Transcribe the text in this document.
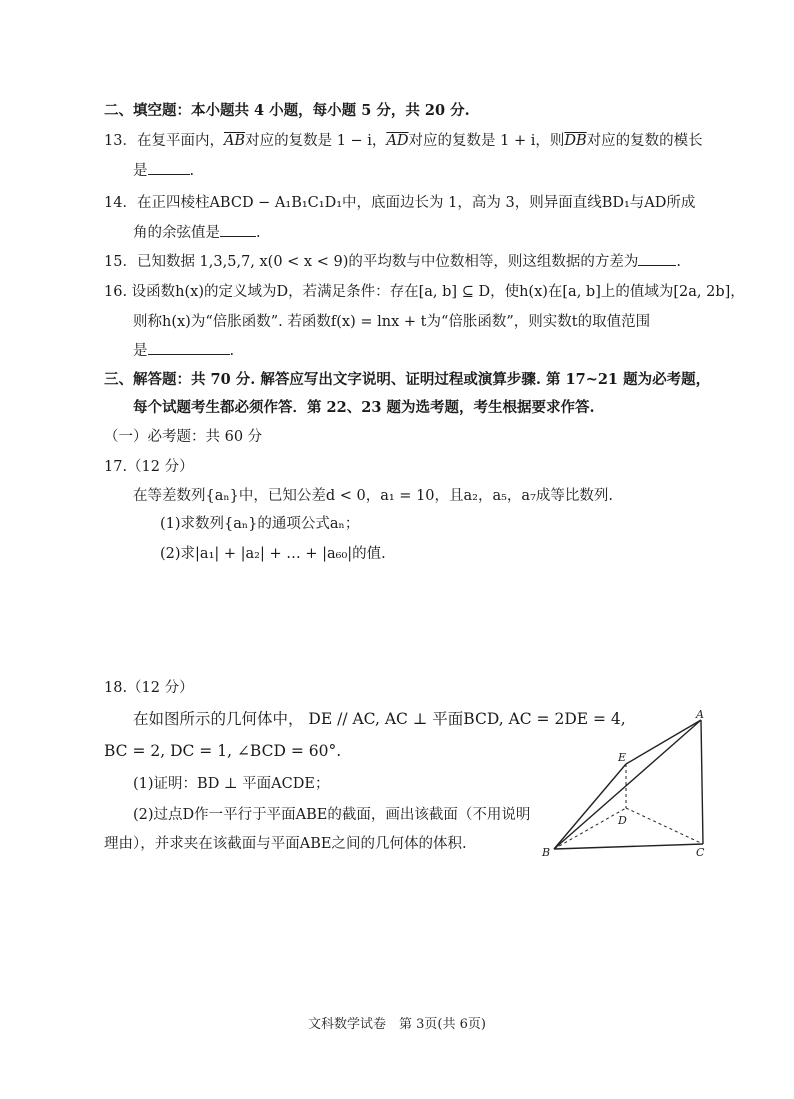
二、填空题：本小题共 4 小题，每小题 5 分，共 20 分.
13．在复平面内，$\overline{AB}$对应的复数是 1 − i，$\overline{AD}$对应的复数是 1 + i，则$\overline{DB}$对应的复数的模长
是	.
14．在正四棱柱ABCD − A₁B₁C₁D₁中，底面边长为 1，高为 3，则异面直线BD₁与AD所成
角的余弦值是 .
15．已知数据 1,3,5,7, x(0 < x < 9)的平均数与中位数相等，则这组数据的方差为	.
16. 设函数h(x)的定义域为D，若满足条件：存在[a, b] ⊆ D，使h(x)在[a, b]上的值域为[2a, 2b]，
则称h(x)为“倍胀函数”. 若函数f(x) = lnx + t为“倍胀函数”，则实数t的取值范围
是	.
三、解答题：共 70 分. 解答应写出文字说明、证明过程或演算步骤. 第 17~21 题为必考题，
每个试题考生都必须作答．第 22、23 题为选考题，考生根据要求作答.
（一）必考题：共 60 分
17.（12 分）
在等差数列{aₙ}中，已知公差d < 0，a₁ = 10，且a₂，a₅，a₇成等比数列.
(1)求数列{aₙ}的通项公式aₙ；
(2)求|a₁| + |a₂| + … + |a₆₀|的值.
18.（12 分）
在如图所示的几何体中， DE // AC, AC ⊥ 平面BCD, AC = 2DE = 4,
BC = 2, DC = 1, ∠BCD = 60°.
(1)证明：BD ⊥ 平面ACDE；
(2)过点D作一平行于平面ABE的截面，画出该截面（不用说明
理由），并求夹在该截面与平面ABE之间的几何体的体积.
A
E
D
B	C
文科数学试卷　第 3页(共 6页)
